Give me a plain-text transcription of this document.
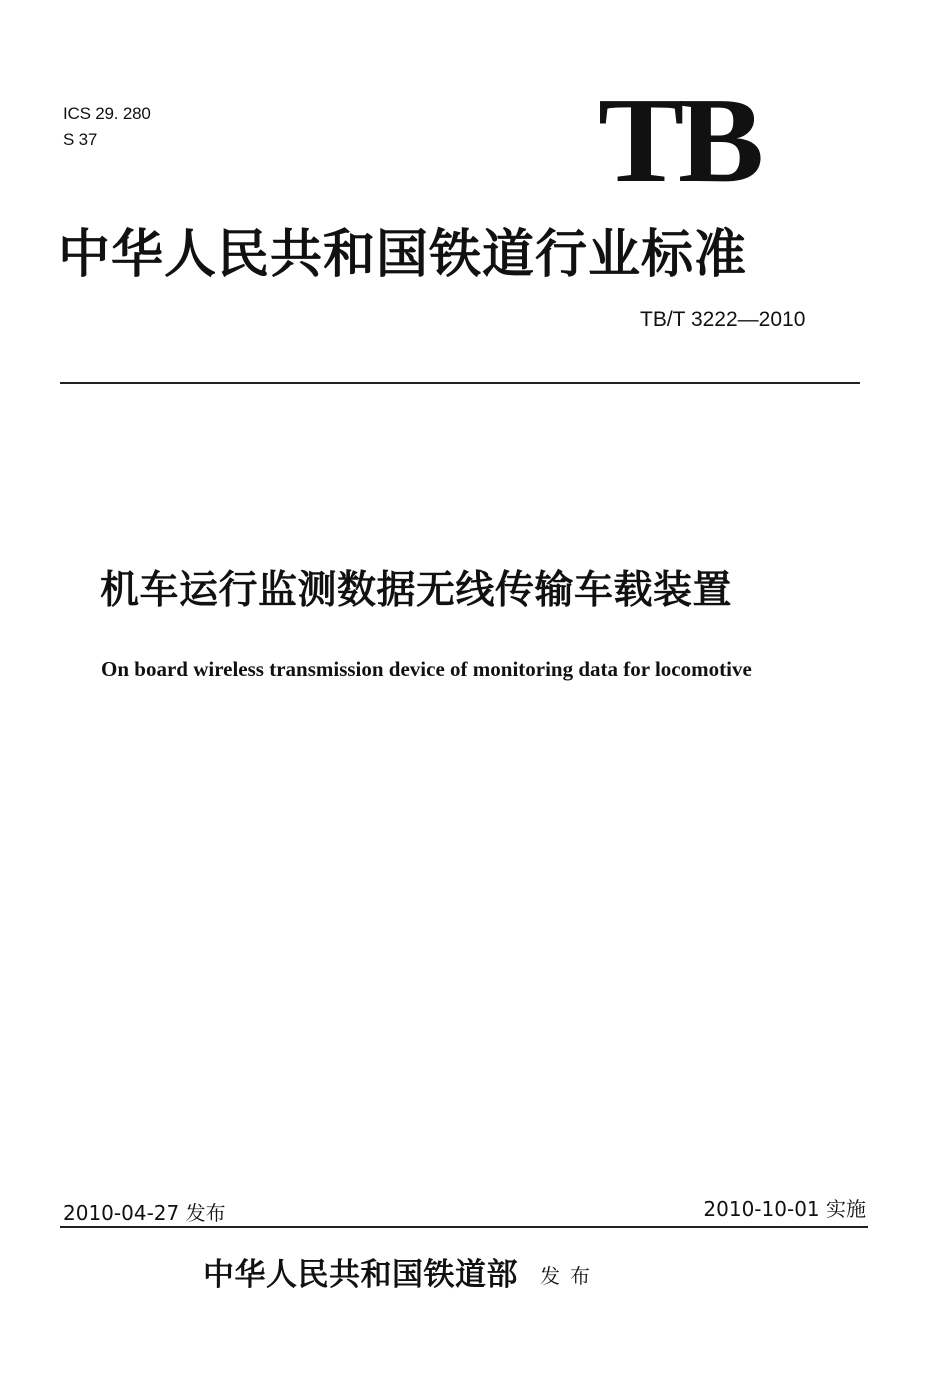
ICS 29. 280
S 37	TB
中华人民共和国铁道行业标准
TB/T 3222—2010
机车运行监测数据无线传输车载装置
On board wireless transmission device of monitoring data for locomotive
2010-04-27 发布	2010-10-01 实施
中华人民共和国铁道部 发布
